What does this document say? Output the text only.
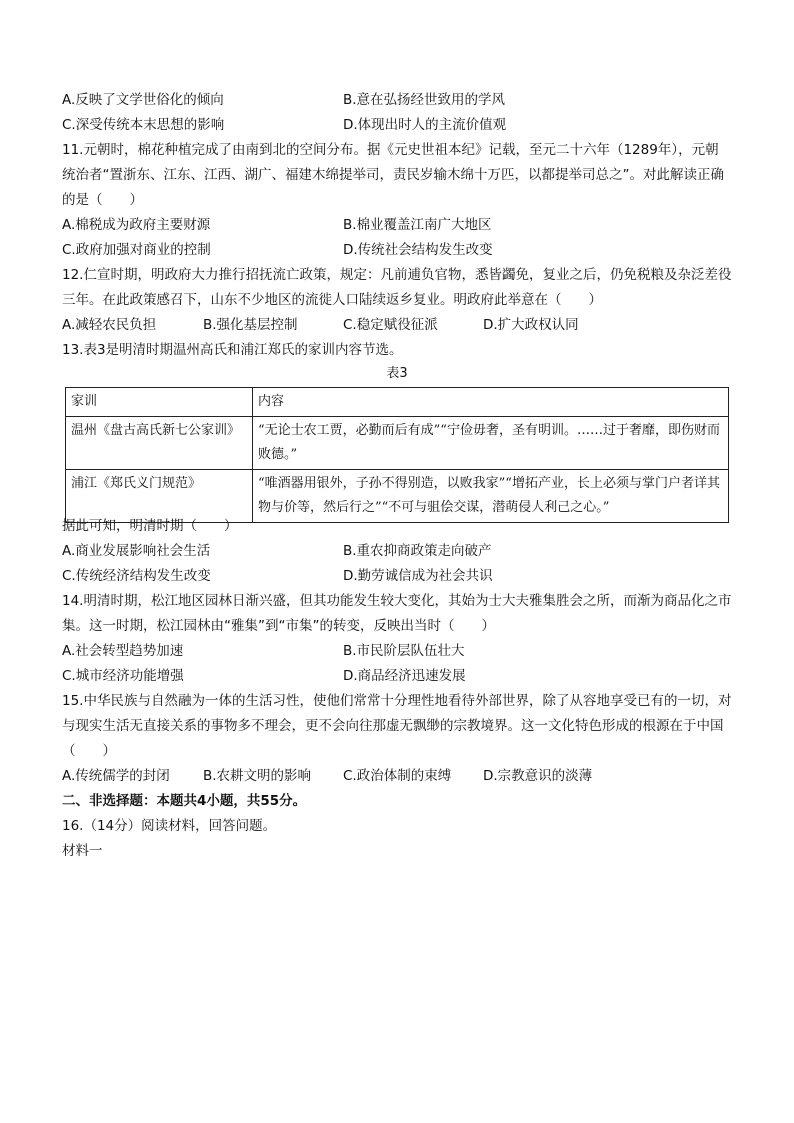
A.反映了文学世俗化的倾向	B.意在弘扬经世致用的学风
C.深受传统本末思想的影响	D.体现出时人的主流价值观
11.元朝时，棉花种植完成了由南到北的空间分布。据《元史世祖本纪》记载，至元二十六年（1289年），元朝统治者“置浙东、江东、江西、湖广、福建木绵提举司，责民岁输木绵十万匹，以都提举司总之”。对此解读正确的是（　　）
A.棉税成为政府主要财源	B.棉业覆盖江南广大地区
C.政府加强对商业的控制	D.传统社会结构发生改变
12.仁宣时期，明政府大力推行招抚流亡政策，规定：凡前逋负官物，悉皆蠲免，复业之后，仍免税粮及杂泛差役三年。在此政策感召下，山东不少地区的流徙人口陆续返乡复业。明政府此举意在（　　）
A.减轻农民负担	B.强化基层控制	C.稳定赋役征派	D.扩大政权认同
13.表3是明清时期温州高氏和浦江郑氏的家训内容节选。
表3
家训	内容
温州《盘古高氏新七公家训》	“无论士农工贾，必勤而后有成”“宁俭毋奢，圣有明训。……过于奢靡，即伤财而败德。”
浦江《郑氏义门规范》	“唯酒器用银外，子孙不得别造，以败我家”“增拓产业，长上必须与掌门户者详其物与价等，然后行之”“不可与驵侩交谋，潜萌侵人利己之心。”
据此可知，明清时期（　　）
A.商业发展影响社会生活	B.重农抑商政策走向破产
C.传统经济结构发生改变	D.勤劳诚信成为社会共识
14.明清时期，松江地区园林日渐兴盛，但其功能发生较大变化，其始为士大夫雅集胜会之所，而渐为商品化之市集。这一时期，松江园林由“雅集”到“市集”的转变，反映出当时（　　）
A.社会转型趋势加速	B.市民阶层队伍壮大
C.城市经济功能增强	D.商品经济迅速发展
15.中华民族与自然融为一体的生活习性，使他们常常十分理性地看待外部世界，除了从容地享受已有的一切，对与现实生活无直接关系的事物多不理会，更不会向往那虚无飘缈的宗教境界。这一文化特色形成的根源在于中国（　　）
A.传统儒学的封闭 B.农耕文明的影响 C.政治体制的束缚 D.宗教意识的淡薄
二、非选择题：本题共4小题，共55分。
16.（14分）阅读材料，回答问题。
材料一
